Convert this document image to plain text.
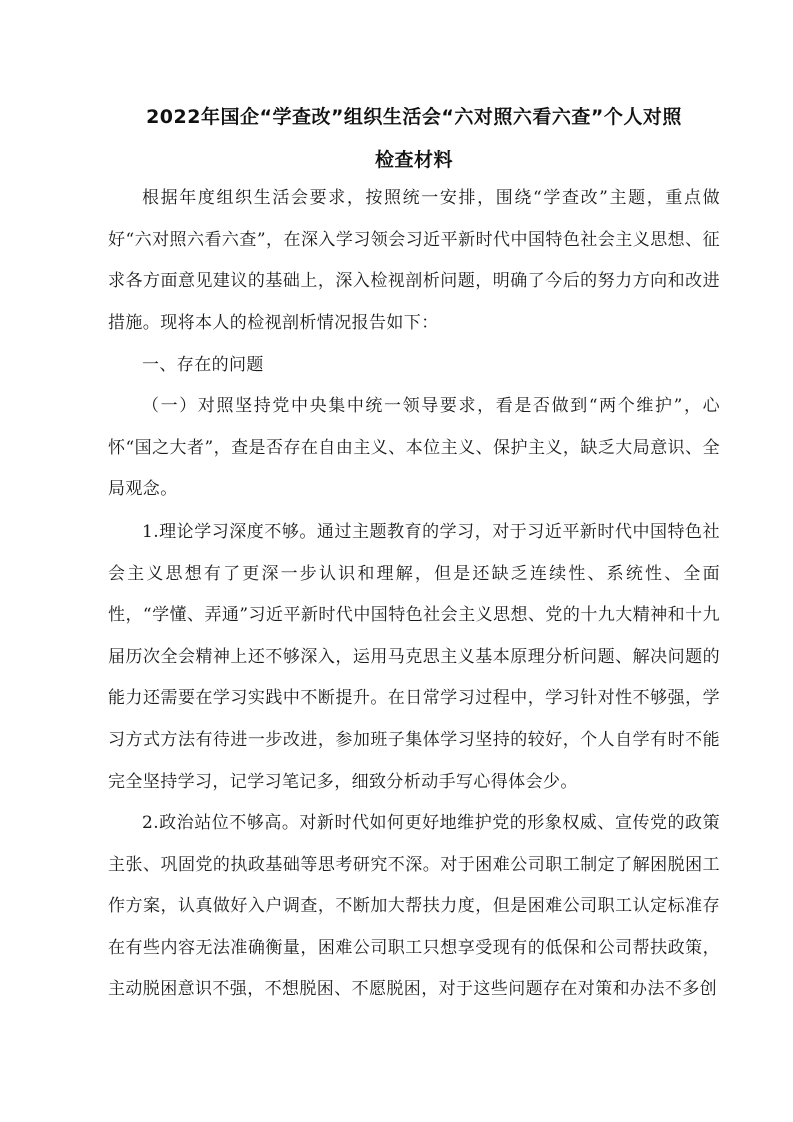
2022年国企“学查改”组织生活会“六对照六看六查”个人对照
检查材料

根据年度组织生活会要求，按照统一安排，围绕“学查改”主题，重点做好“六对照六看六查”，在深入学习领会习近平新时代中国特色社会主义思想、征求各方面意见建议的基础上，深入检视剖析问题，明确了今后的努力方向和改进措施。现将本人的检视剖析情况报告如下：

一、存在的问题

（一）对照坚持党中央集中统一领导要求，看是否做到“两个维护”，心怀“国之大者”，查是否存在自由主义、本位主义、保护主义，缺乏大局意识、全局观念。

1.理论学习深度不够。通过主题教育的学习，对于习近平新时代中国特色社会主义思想有了更深一步认识和理解，但是还缺乏连续性、系统性、全面性，“学懂、弄通”习近平新时代中国特色社会主义思想、党的十九大精神和十九届历次全会精神上还不够深入，运用马克思主义基本原理分析问题、解决问题的能力还需要在学习实践中不断提升。在日常学习过程中，学习针对性不够强，学习方式方法有待进一步改进，参加班子集体学习坚持的较好，个人自学有时不能完全坚持学习，记学习笔记多，细致分析动手写心得体会少。

2.政治站位不够高。对新时代如何更好地维护党的形象权威、宣传党的政策主张、巩固党的执政基础等思考研究不深。对于困难公司职工制定了解困脱困工作方案，认真做好入户调查，不断加大帮扶力度，但是困难公司职工认定标准存在有些内容无法准确衡量，困难公司职工只想享受现有的低保和公司帮扶政策，主动脱困意识不强，不想脱困、不愿脱困，对于这些问题存在对策和办法不多创
